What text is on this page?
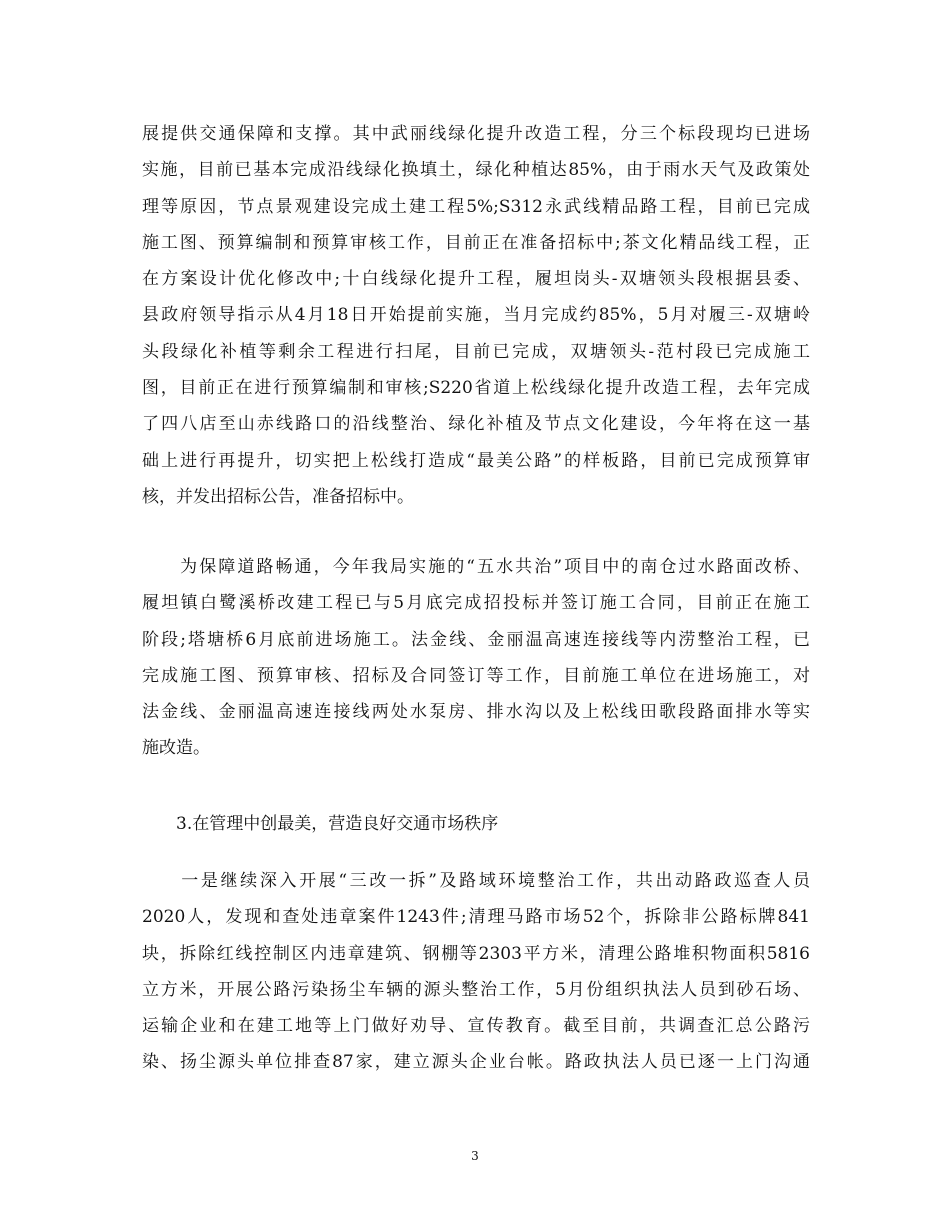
展提供交通保障和支撑。其中武丽线绿化提升改造工程，分三个标段现均已进场
实施，目前已基本完成沿线绿化换填土，绿化种植达85%，由于雨水天气及政策处
理等原因，节点景观建设完成土建工程5%;S312永武线精品路工程，目前已完成
施工图、预算编制和预算审核工作，目前正在准备招标中;茶文化精品线工程，正
在方案设计优化修改中;十白线绿化提升工程，履坦岗头-双塘领头段根据县委、
县政府领导指示从4月18日开始提前实施，当月完成约85%，5月对履三-双塘岭
头段绿化补植等剩余工程进行扫尾，目前已完成，双塘领头-范村段已完成施工
图，目前正在进行预算编制和审核;S220省道上松线绿化提升改造工程，去年完成
了四八店至山赤线路口的沿线整治、绿化补植及节点文化建设，今年将在这一基
础上进行再提升，切实把上松线打造成“最美公路”的样板路，目前已完成预算审
核，并发出招标公告，准备招标中。
　　为保障道路畅通，今年我局实施的“五水共治”项目中的南仓过水路面改桥、
履坦镇白鹭溪桥改建工程已与5月底完成招投标并签订施工合同，目前正在施工
阶段;塔塘桥6月底前进场施工。法金线、金丽温高速连接线等内涝整治工程，已
完成施工图、预算审核、招标及合同签订等工作，目前施工单位在进场施工，对
法金线、金丽温高速连接线两处水泵房、排水沟以及上松线田歌段路面排水等实
施改造。
　　3.在管理中创最美，营造良好交通市场秩序
　　一是继续深入开展“三改一拆”及路域环境整治工作，共出动路政巡查人员
2020人，发现和查处违章案件1243件;清理马路市场52个，拆除非公路标牌841
块，拆除红线控制区内违章建筑、钢棚等2303平方米，清理公路堆积物面积5816
立方米，开展公路污染扬尘车辆的源头整治工作，5月份组织执法人员到砂石场、
运输企业和在建工地等上门做好劝导、宣传教育。截至目前，共调查汇总公路污
染、扬尘源头单位排查87家，建立源头企业台帐。路政执法人员已逐一上门沟通
3
